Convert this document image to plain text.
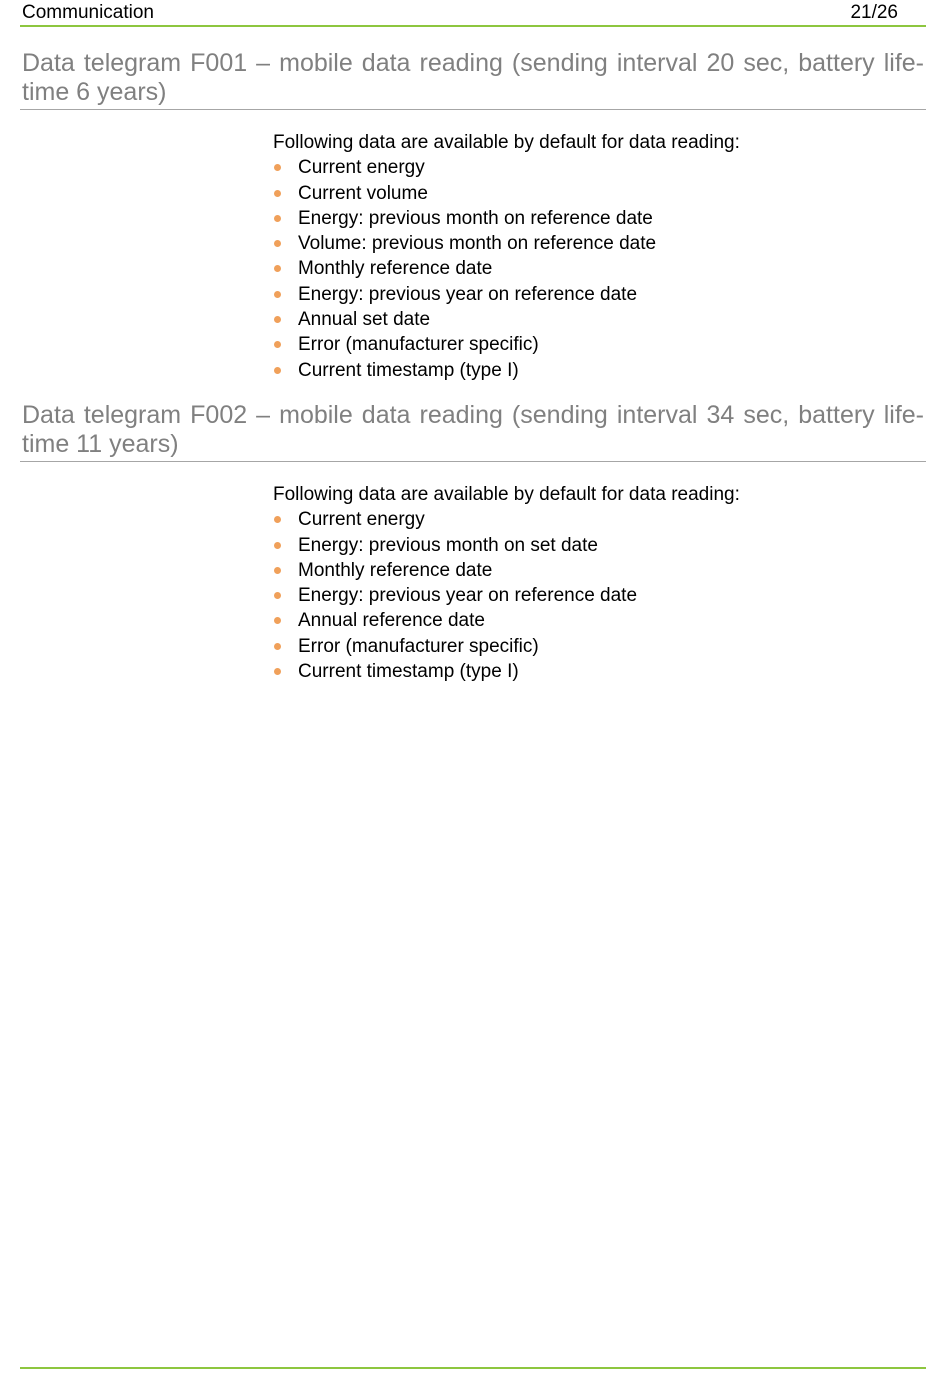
Communication	21/26
Data telegram F001 – mobile data reading (sending interval 20 sec, battery life-time 6 years)

Following data are available by default for data reading:

Current energy
Current volume
Energy: previous month on reference date
Volume: previous month on reference date
Monthly reference date
Energy: previous year on reference date
Annual set date
Error (manufacturer specific)
Current timestamp (type I)
Data telegram F002 – mobile data reading (sending interval 34 sec, battery life-time 11 years)

Following data are available by default for data reading:

Current energy
Energy: previous month on set date
Monthly reference date
Energy: previous year on reference date
Annual reference date
Error (manufacturer specific)
Current timestamp (type I)
